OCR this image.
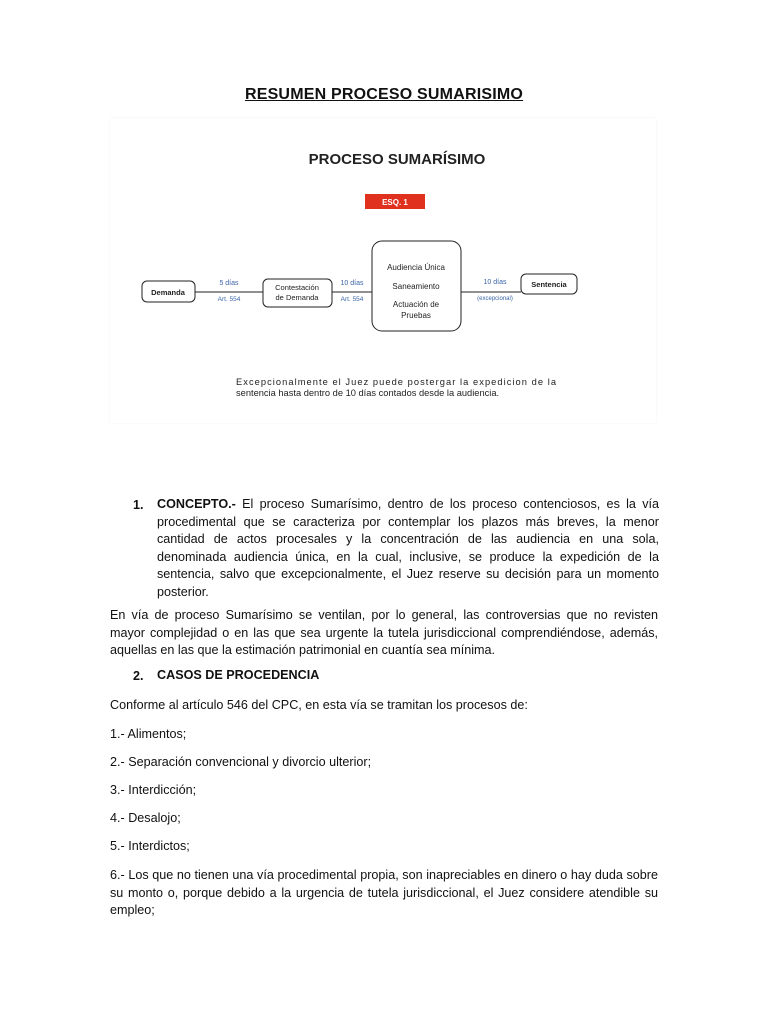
RESUMEN PROCESO SUMARISIMO
PROCESO SUMARÍSIMO
ESQ. 1
Demanda
Contestación
de Demanda
Audiencia Única
Saneamiento
Actuación de
Pruebas
Sentencia
5 días
Art. 554
10 días
Art. 554
10 días
(excepcional)
Excepcionalmente el Juez puede postergar la expedicion de la
sentencia hasta dentro de 10 días contados desde la audiencia.
1. CONCEPTO.- El proceso Sumarísimo, dentro de los proceso contenciosos, es la vía procedimental que se caracteriza por contemplar los plazos más breves, la menor cantidad de actos procesales y la concentración de las audiencia en una sola, denominada audiencia única, en la cual, inclusive, se produce la expedición de la sentencia, salvo que excepcionalmente, el Juez reserve su decisión para un momento posterior.
En vía de proceso Sumarísimo se ventilan, por lo general, las controversias que no revisten mayor complejidad o en las que sea urgente la tutela jurisdiccional comprendiéndose, además, aquellas en las que la estimación patrimonial en cuantía sea mínima.
2. CASOS DE PROCEDENCIA
Conforme al artículo 546 del CPC, en esta vía se tramitan los procesos de:
1.- Alimentos;
2.- Separación convencional y divorcio ulterior;
3.- Interdicción;
4.- Desalojo;
5.- Interdictos;
6.- Los que no tienen una vía procedimental propia, son inapreciables en dinero o hay duda sobre su monto o, porque debido a la urgencia de tutela jurisdiccional, el Juez considere atendible su empleo;
